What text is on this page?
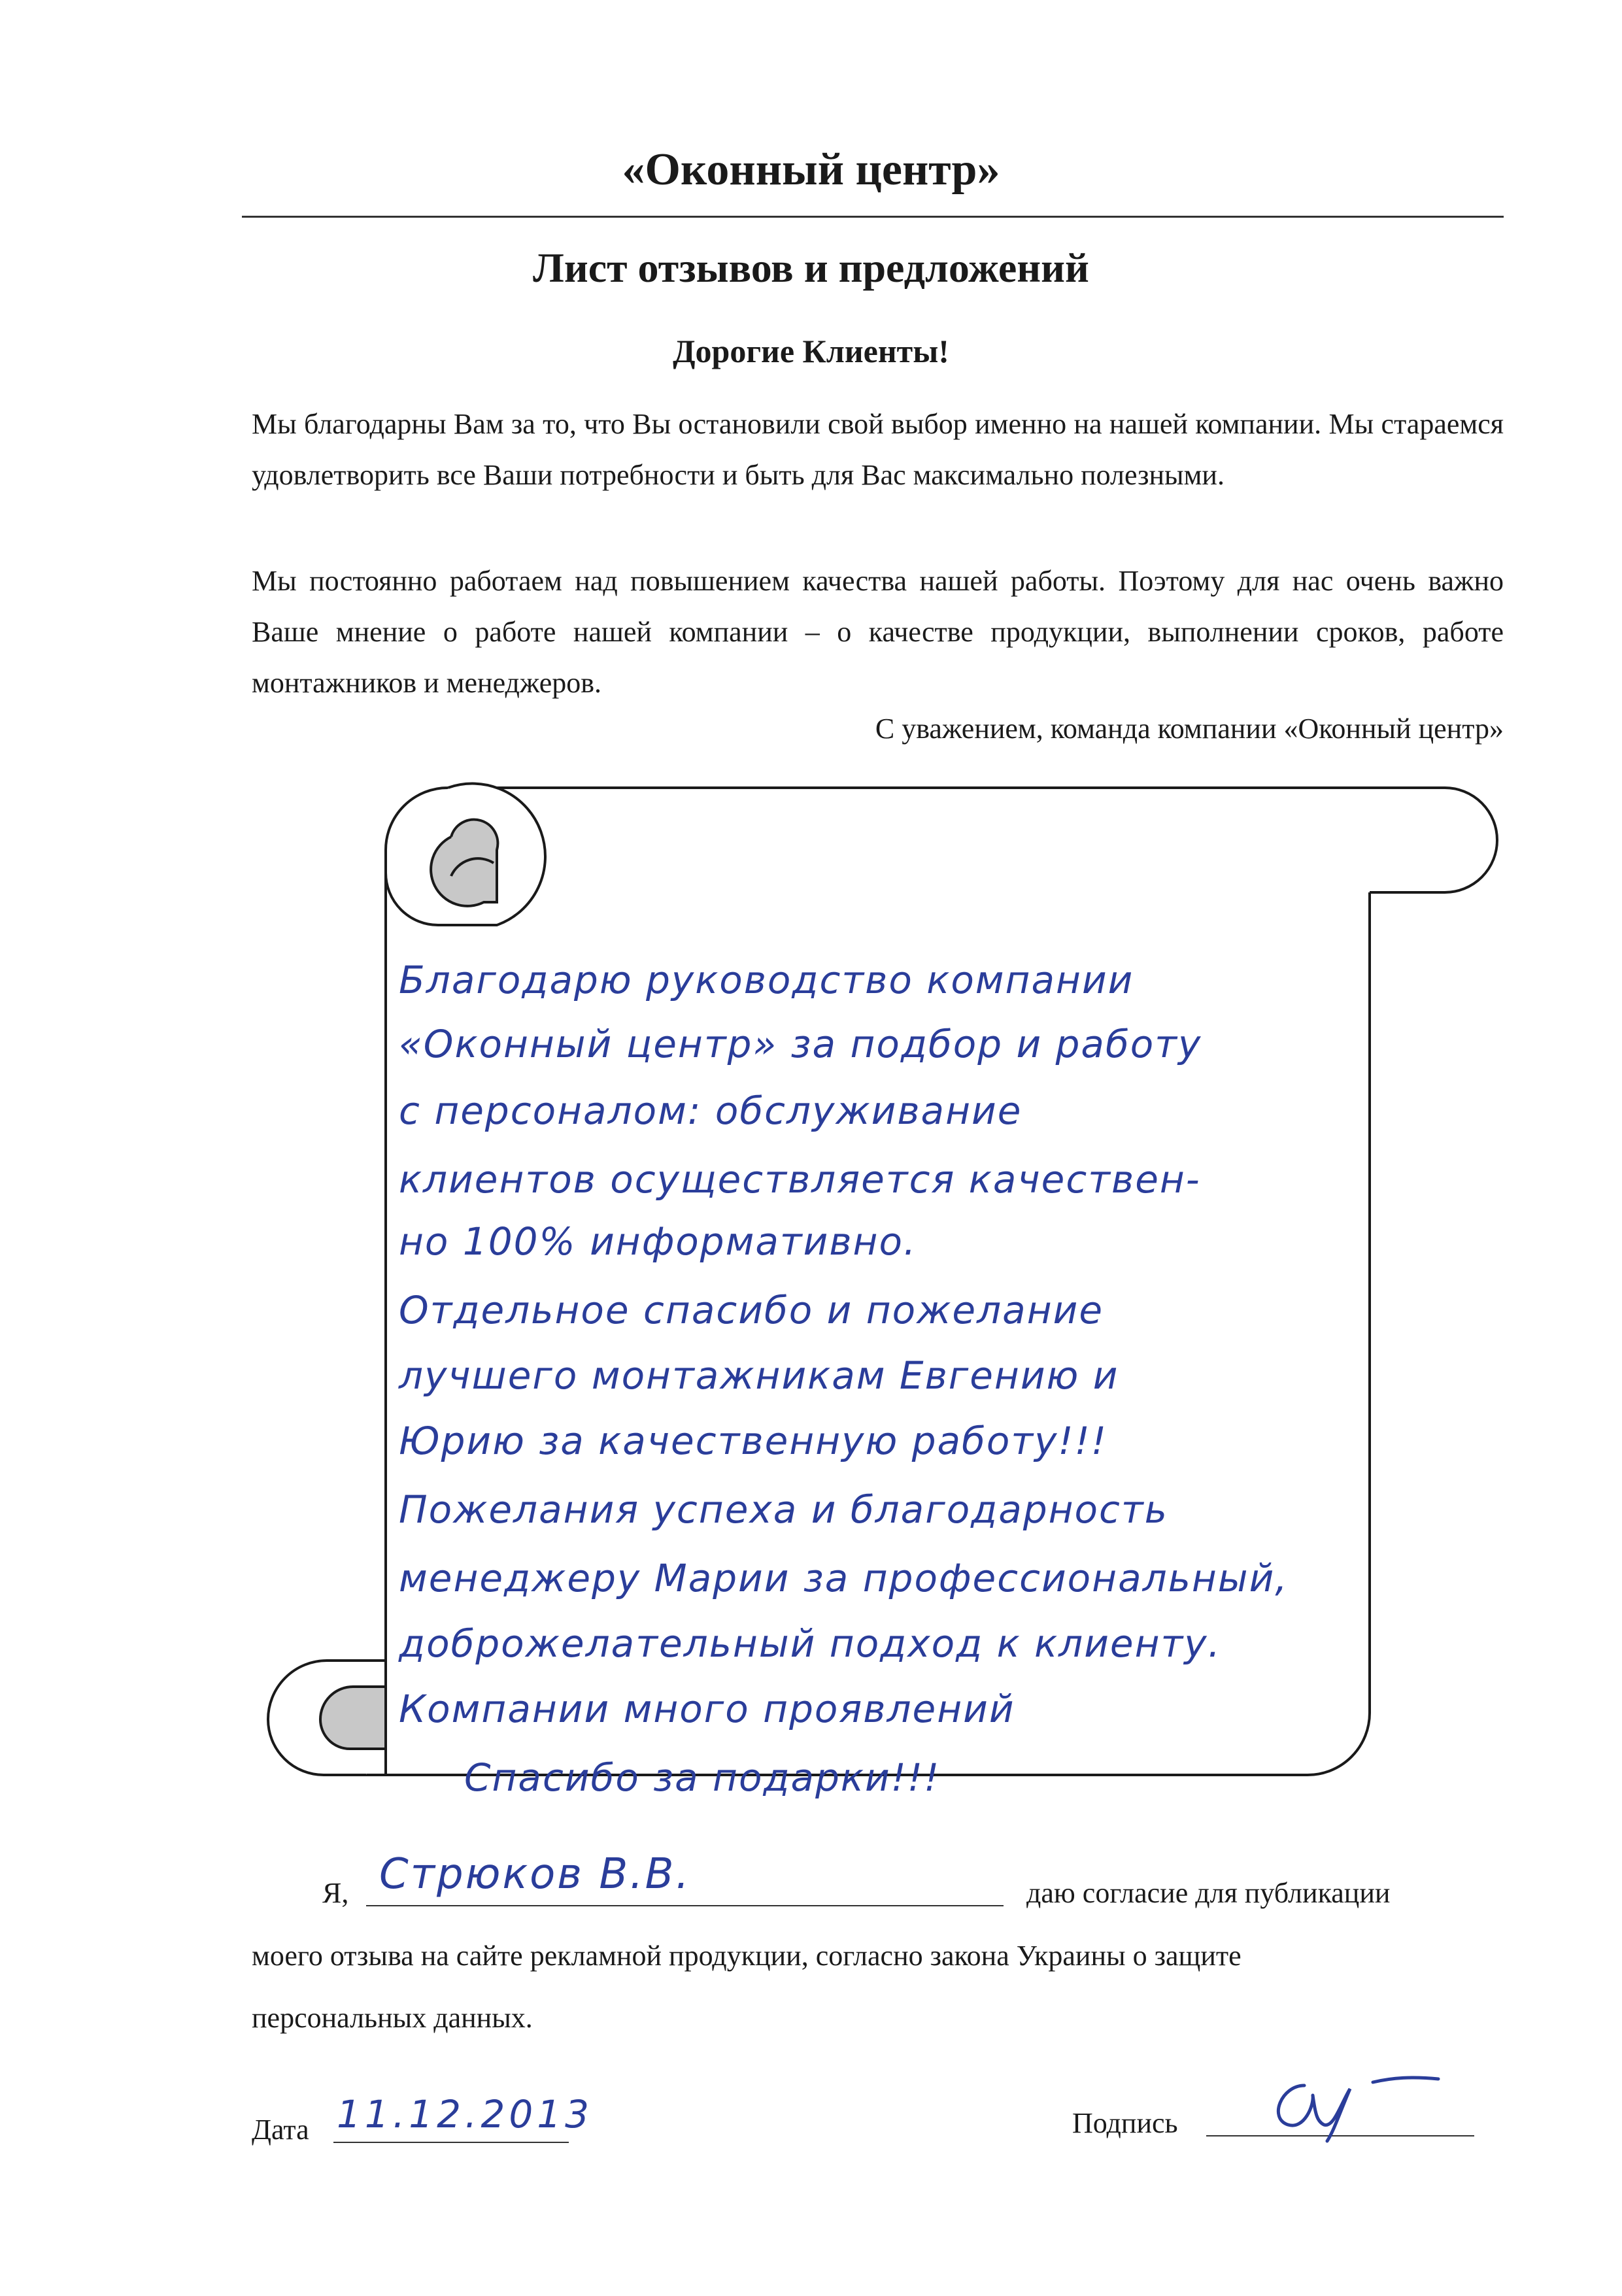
«Оконный центр»
Лист отзывов и предложений
Дорогие Клиенты!
Мы благодарны Вам за то, что Вы остановили свой выбор именно на нашей компании. Мы стараемся удовлетворить все Ваши потребности и быть для Вас максимально полезными.
Мы постоянно работаем над повышением качества нашей работы. Поэтому для нас очень важно Ваше мнение о работе нашей компании – о качестве продукции, выполнении сроков, работе монтажников и менеджеров.
С уважением, команда компании «Оконный центр»
Благодарю руководство компании
«Оконный центр» за подбор и работу
с персоналом: обслуживание
клиентов осуществляется качествен-
но 100% информативно.
Отдельное спасибо и пожелание
лучшего монтажникам Евгению и
Юрию за качественную работу!!!
Пожелания успеха и благодарность
менеджеру Марии за профессиональный,
доброжелательный подход к клиенту.
Компании много проявлений
Спасибо за подарки!!!
Я, Стрюков В.В.	даю согласие для публикации
моего отзыва на сайте рекламной продукции, согласно закона Украины о защите
персональных данных.
Дата 11.12.2013	Подпись
